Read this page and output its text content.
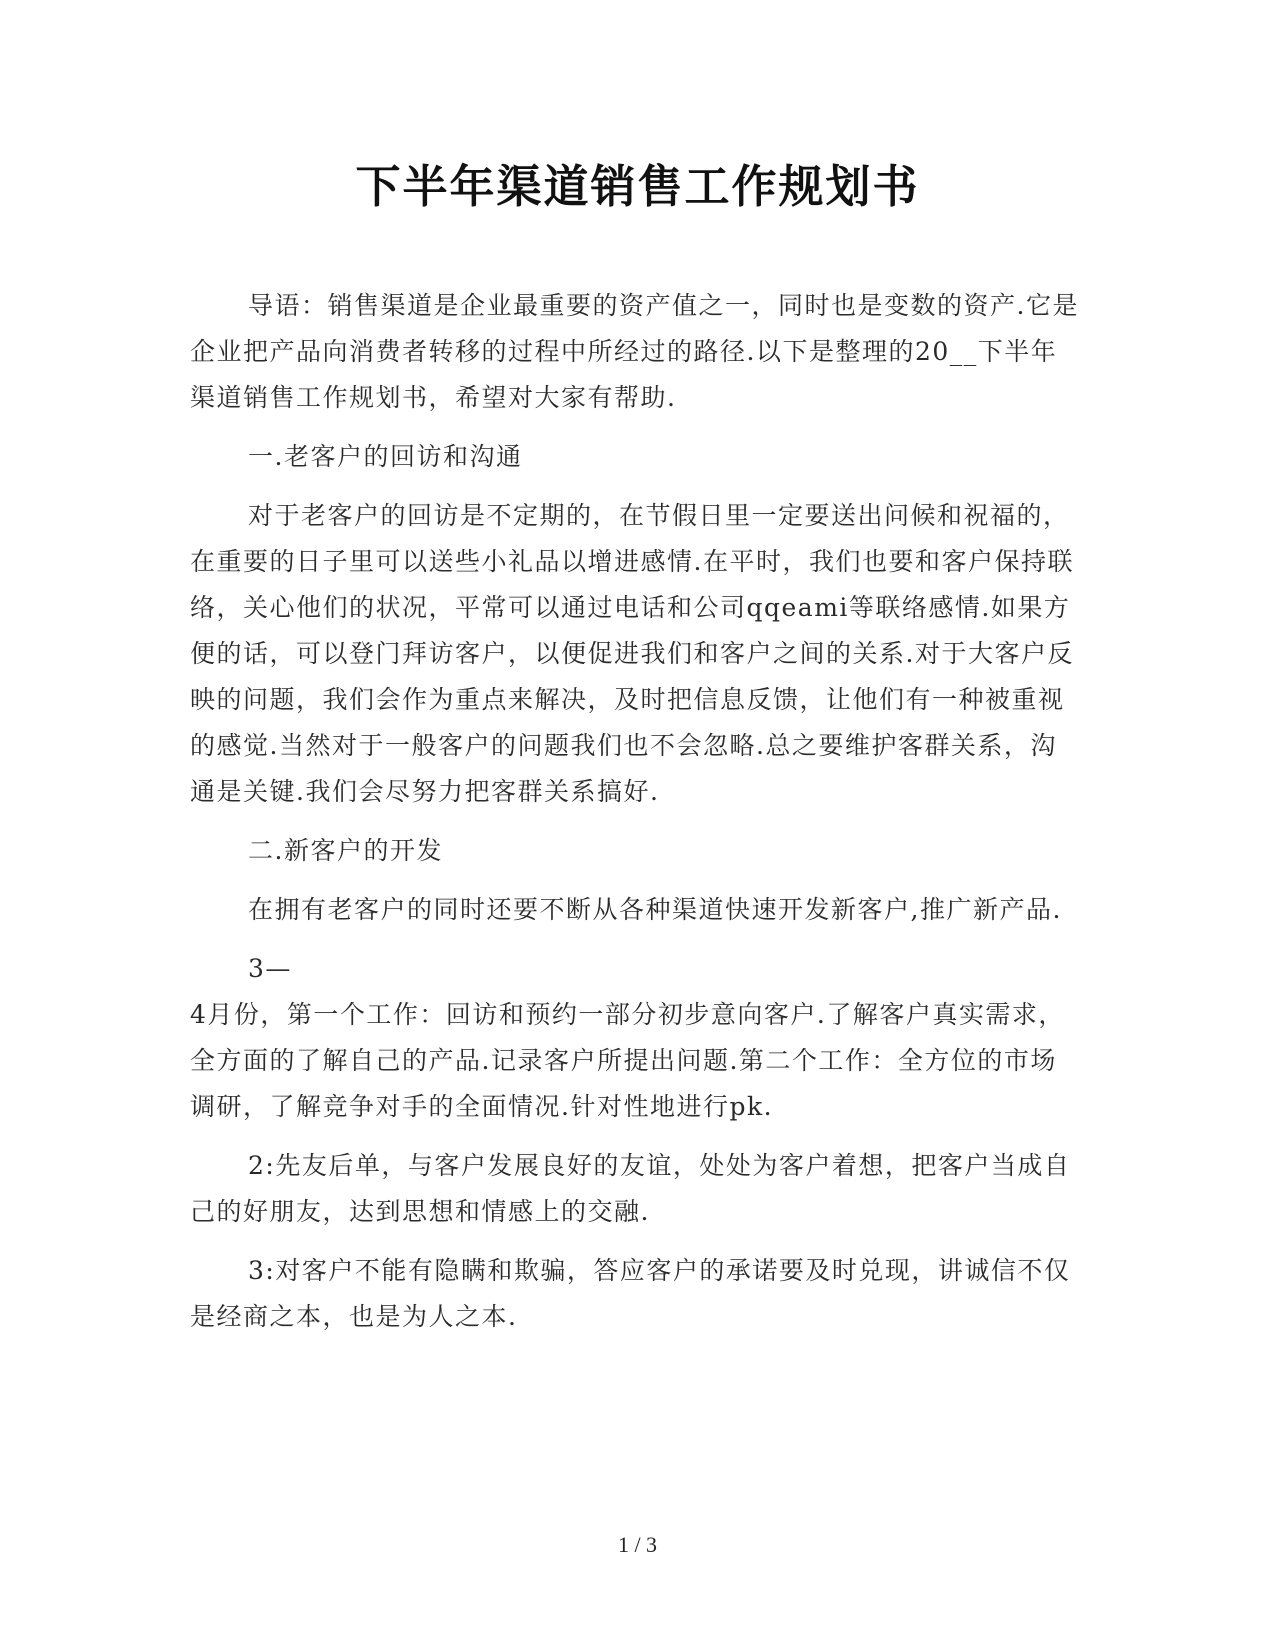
下半年渠道销售工作规划书

导语：销售渠道是企业最重要的资产值之一，同时也是变数的资产.它是企业把产品向消费者转移的过程中所经过的路径.以下是整理的20__下半年渠道销售工作规划书，希望对大家有帮助.

一.老客户的回访和沟通

对于老客户的回访是不定期的，在节假日里一定要送出问候和祝福的，在重要的日子里可以送些小礼品以增进感情.在平时，我们也要和客户保持联络，关心他们的状况，平常可以通过电话和公司qqeami等联络感情.如果方便的话，可以登门拜访客户，以便促进我们和客户之间的关系.对于大客户反映的问题，我们会作为重点来解决，及时把信息反馈，让他们有一种被重视的感觉.当然对于一般客户的问题我们也不会忽略.总之要维护客群关系，沟通是关键.我们会尽努力把客群关系搞好.

二.新客户的开发

在拥有老客户的同时还要不断从各种渠道快速开发新客户,推广新产品.

3—

4月份，第一个工作：回访和预约一部分初步意向客户.了解客户真实需求，全方面的了解自己的产品.记录客户所提出问题.第二个工作：全方位的市场调研，了解竞争对手的全面情况.针对性地进行pk.

2:先友后单，与客户发展良好的友谊，处处为客户着想，把客户当成自己的好朋友，达到思想和情感上的交融.

3:对客户不能有隐瞒和欺骗，答应客户的承诺要及时兑现，讲诚信不仅是经商之本，也是为人之本.

1 / 3
